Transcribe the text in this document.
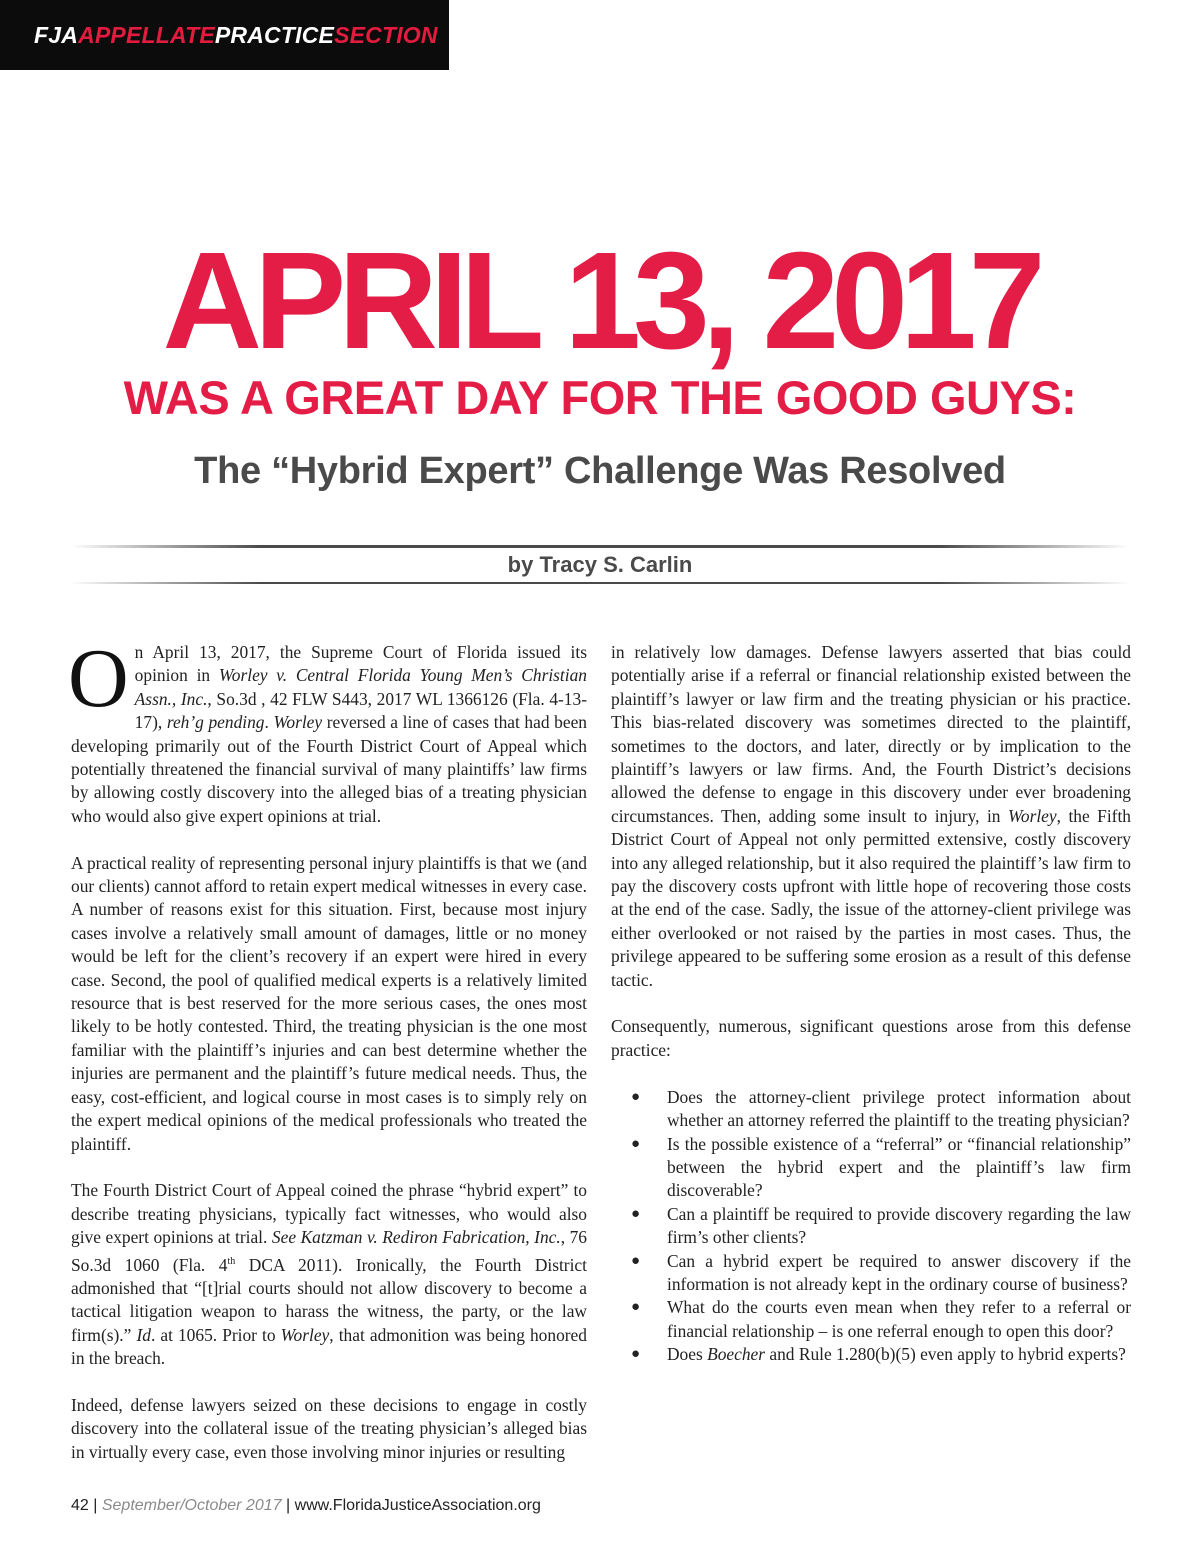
FJA APPELLATE PRACTICE SECTION
APRIL 13, 2017
WAS A GREAT DAY FOR THE GOOD GUYS:
The “Hybrid Expert” Challenge Was Resolved
by Tracy S. Carlin

On April 13, 2017, the Supreme Court of Florida issued its opinion in Worley v. Central Florida Young Men’s Christian Assn., Inc., So.3d , 42 FLW S443, 2017 WL 1366126 (Fla. 4-13-17), reh’g pending. Worley reversed a line of cases that had been developing primarily out of the Fourth District Court of Appeal which potentially threatened the financial survival of many plaintiffs’ law firms by allowing costly discovery into the alleged bias of a treating physician who would also give expert opinions at trial.

A practical reality of representing personal injury plaintiffs is that we (and our clients) cannot afford to retain expert medical witnesses in every case. A number of reasons exist for this situation. First, because most injury cases involve a relatively small amount of damages, little or no money would be left for the client’s recovery if an expert were hired in every case. Second, the pool of qualified medical experts is a relatively limited resource that is best reserved for the more serious cases, the ones most likely to be hotly contested. Third, the treating physician is the one most familiar with the plaintiff’s injuries and can best determine whether the injuries are permanent and the plaintiff’s future medical needs. Thus, the easy, cost-efficient, and logical course in most cases is to simply rely on the expert medical opinions of the medical professionals who treated the plaintiff.

The Fourth District Court of Appeal coined the phrase “hybrid expert” to describe treating physicians, typically fact witnesses, who would also give expert opinions at trial. See Katzman v. Rediron Fabrication, Inc., 76 So.3d 1060 (Fla. 4th DCA 2011). Ironically, the Fourth District admonished that “[t]rial courts should not allow discovery to become a tactical litigation weapon to harass the witness, the party, or the law firm(s).” Id. at 1065. Prior to Worley, that admonition was being honored in the breach.

Indeed, defense lawyers seized on these decisions to engage in costly discovery into the collateral issue of the treating physician’s alleged bias in virtually every case, even those involving minor injuries or resulting

in relatively low damages. Defense lawyers asserted that bias could potentially arise if a referral or financial relationship existed between the plaintiff’s lawyer or law firm and the treating physician or his practice. This bias-related discovery was sometimes directed to the plaintiff, sometimes to the doctors, and later, directly or by implication to the plaintiff’s lawyers or law firms. And, the Fourth District’s decisions allowed the defense to engage in this discovery under ever broadening circumstances. Then, adding some insult to injury, in Worley, the Fifth District Court of Appeal not only permitted extensive, costly discovery into any alleged relationship, but it also required the plaintiff’s law firm to pay the discovery costs upfront with little hope of recovering those costs at the end of the case. Sadly, the issue of the attorney-client privilege was either overlooked or not raised by the parties in most cases. Thus, the privilege appeared to be suffering some erosion as a result of this defense tactic.

Consequently, numerous, significant questions arose from this defense practice:

● Does the attorney-client privilege protect information about whether an attorney referred the plaintiff to the treating physician?
● Is the possible existence of a “referral” or “financial relationship” between the hybrid expert and the plaintiff’s law firm discoverable?
● Can a plaintiff be required to provide discovery regarding the law firm’s other clients?
● Can a hybrid expert be required to answer discovery if the information is not already kept in the ordinary course of business?
● What do the courts even mean when they refer to a referral or financial relationship – is one referral enough to open this door?
● Does Boecher and Rule 1.280(b)(5) even apply to hybrid experts?
42 | September/October 2017 | www.FloridaJusticeAssociation.org
